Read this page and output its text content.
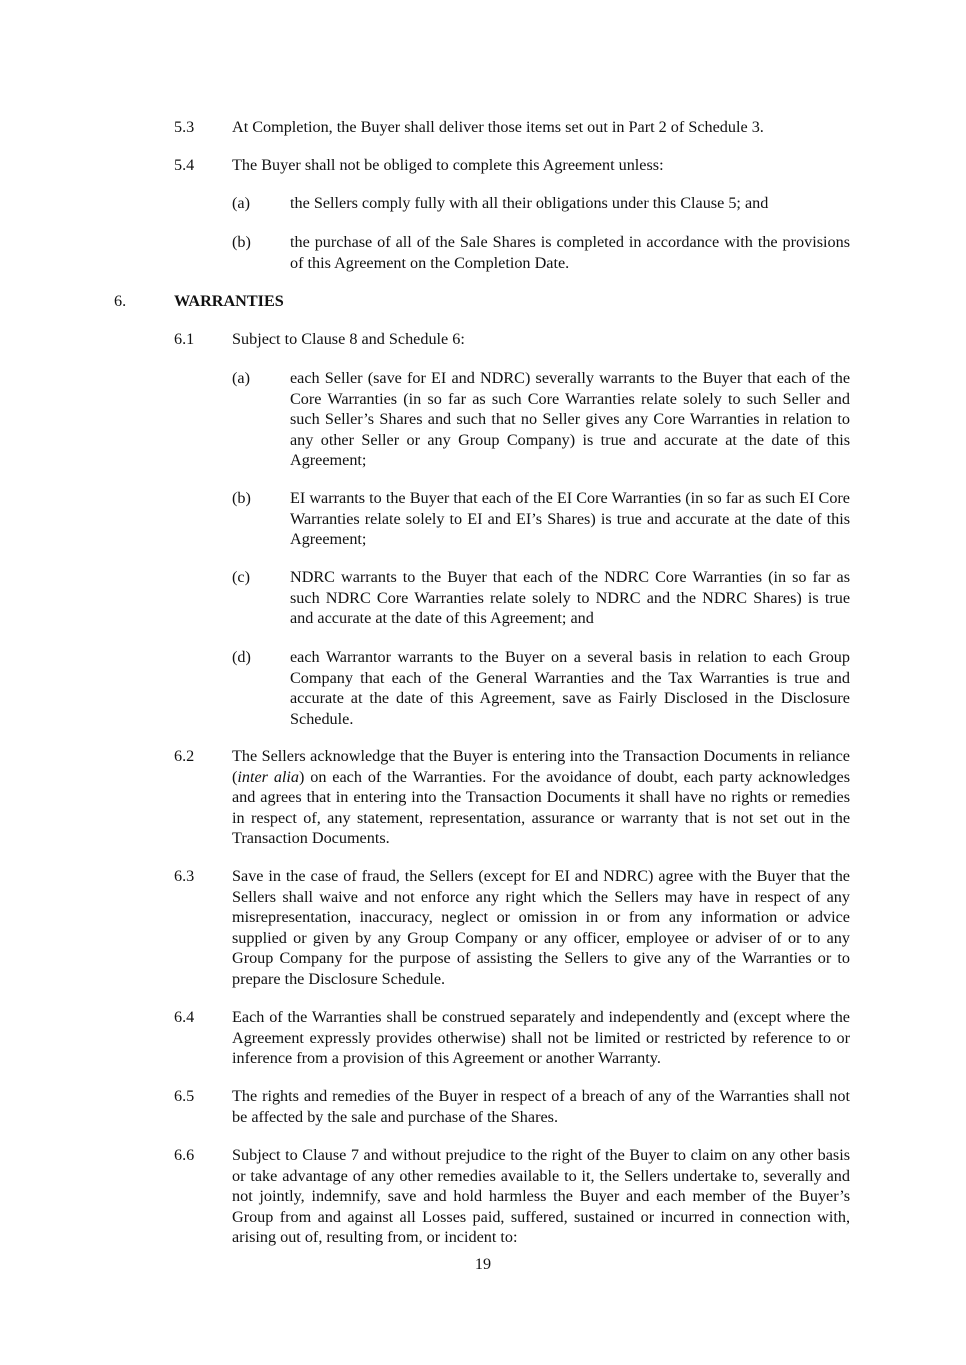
5.3 At Completion, the Buyer shall deliver those items set out in Part 2 of Schedule 3.
5.4 The Buyer shall not be obliged to complete this Agreement unless:
(a) the Sellers comply fully with all their obligations under this Clause 5; and
(b) the purchase of all of the Sale Shares is completed in accordance with the provisions of this Agreement on the Completion Date.
6.	WARRANTIES
6.1 Subject to Clause 8 and Schedule 6:
(a) each Seller (save for EI and NDRC) severally warrants to the Buyer that each of the Core Warranties (in so far as such Core Warranties relate solely to such Seller and such Seller’s Shares and such that no Seller gives any Core Warranties in relation to any other Seller or any Group Company) is true and accurate at the date of this Agreement;
(b) EI warrants to the Buyer that each of the EI Core Warranties (in so far as such EI Core Warranties relate solely to EI and EI’s Shares) is true and accurate at the date of this Agreement;
(c) NDRC warrants to the Buyer that each of the NDRC Core Warranties (in so far as such NDRC Core Warranties relate solely to NDRC and the NDRC Shares) is true and accurate at the date of this Agreement; and
(d) each Warrantor warrants to the Buyer on a several basis in relation to each Group Company that each of the General Warranties and the Tax Warranties is true and accurate at the date of this Agreement, save as Fairly Disclosed in the Disclosure Schedule.
6.2 The Sellers acknowledge that the Buyer is entering into the Transaction Documents in reliance (inter alia) on each of the Warranties. For the avoidance of doubt, each party acknowledges and agrees that in entering into the Transaction Documents it shall have no rights or remedies in respect of, any statement, representation, assurance or warranty that is not set out in the Transaction Documents.
6.3 Save in the case of fraud, the Sellers (except for EI and NDRC) agree with the Buyer that the Sellers shall waive and not enforce any right which the Sellers may have in respect of any misrepresentation, inaccuracy, neglect or omission in or from any information or advice supplied or given by any Group Company or any officer, employee or adviser of or to any Group Company for the purpose of assisting the Sellers to give any of the Warranties or to prepare the Disclosure Schedule.
6.4 Each of the Warranties shall be construed separately and independently and (except where the Agreement expressly provides otherwise) shall not be limited or restricted by reference to or inference from a provision of this Agreement or another Warranty.
6.5 The rights and remedies of the Buyer in respect of a breach of any of the Warranties shall not be affected by the sale and purchase of the Shares.
6.6 Subject to Clause 7 and without prejudice to the right of the Buyer to claim on any other basis or take advantage of any other remedies available to it, the Sellers undertake to, severally and not jointly, indemnify, save and hold harmless the Buyer and each member of the Buyer’s Group from and against all Losses paid, suffered, sustained or incurred in connection with, arising out of, resulting from, or incident to:
19
